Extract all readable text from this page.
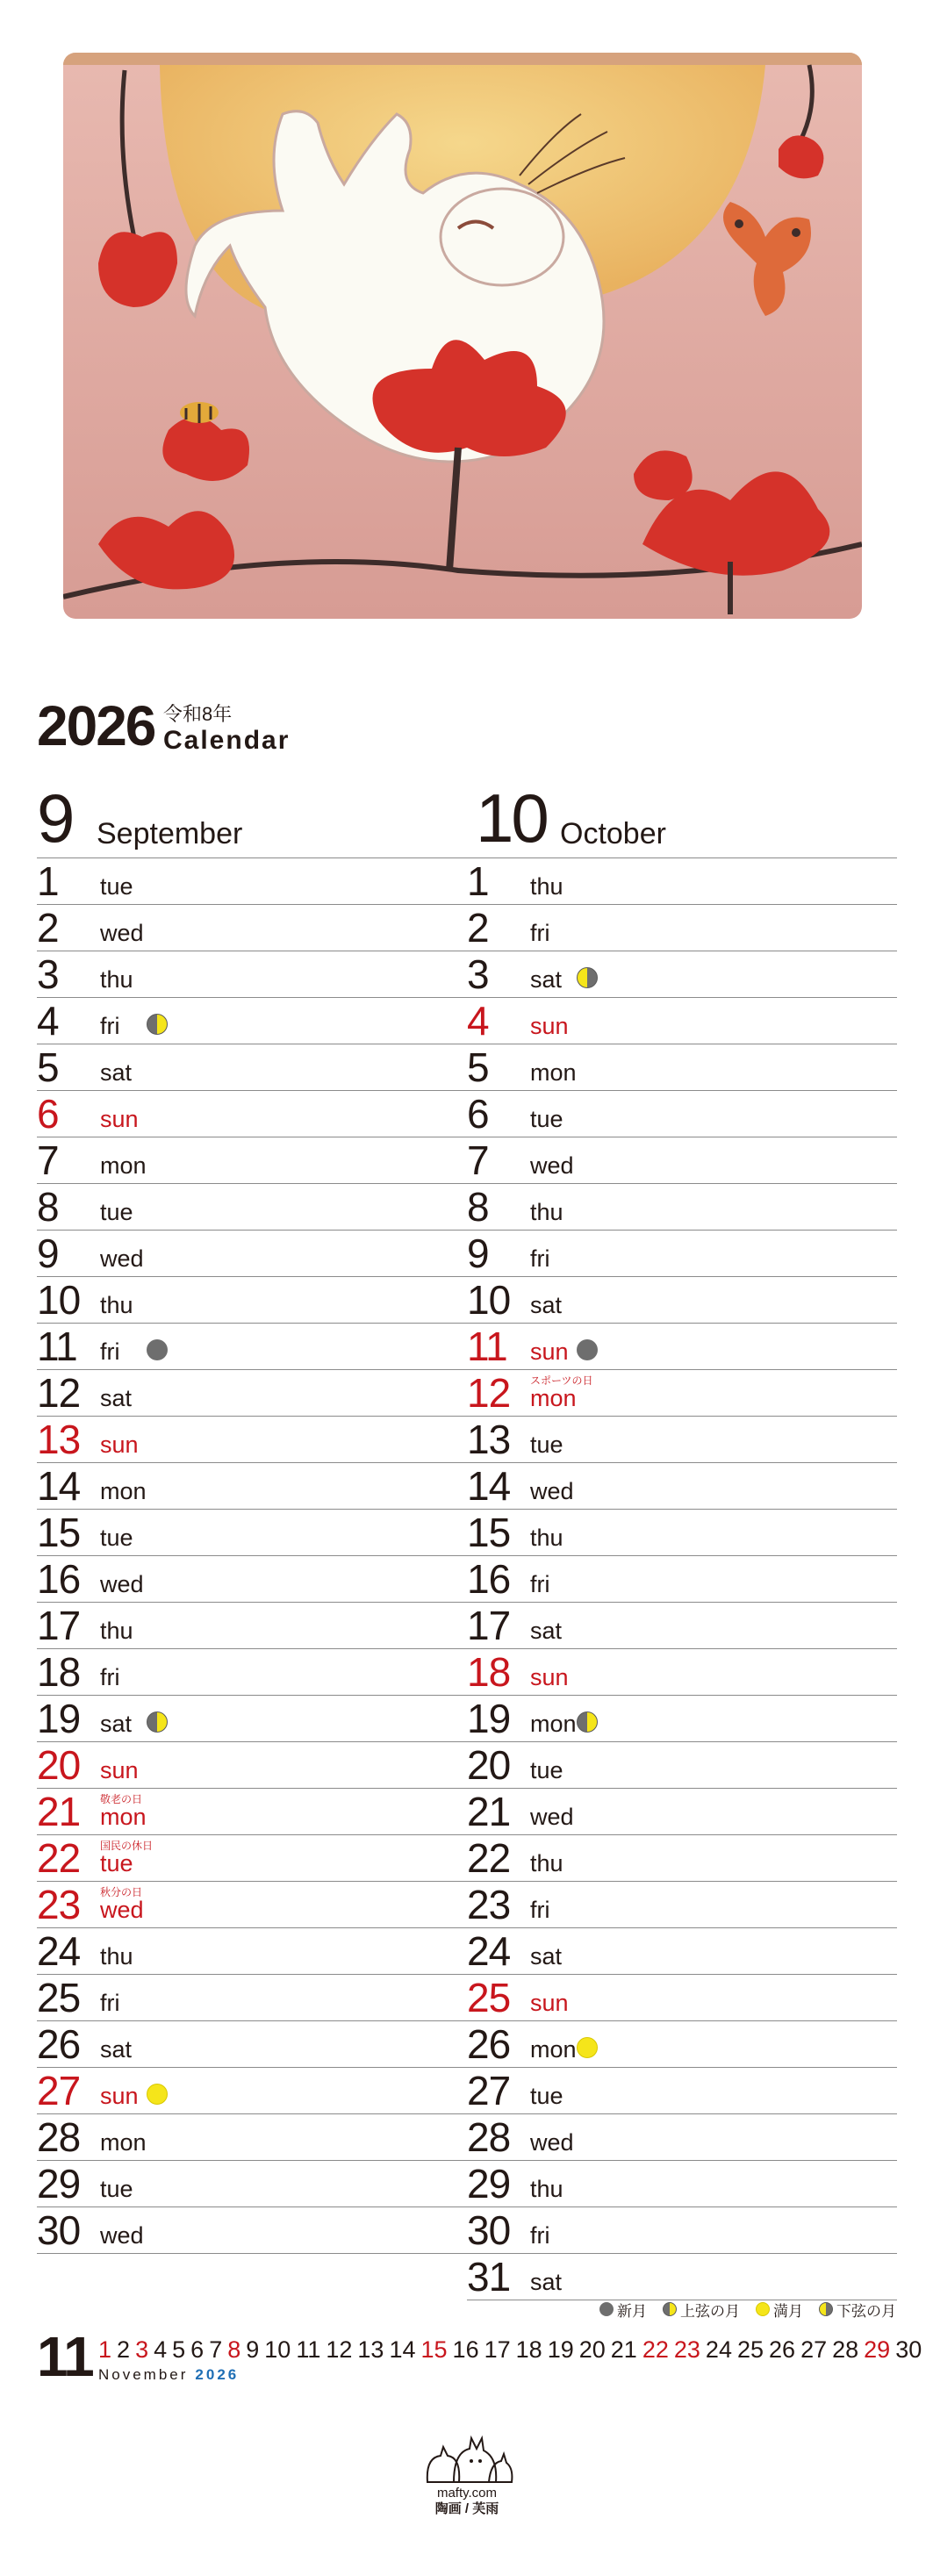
2026 令和8年
Calendar
9 September	10 October
1	tue
2	wed
3	thu
4	fri
5	sat
6	sun
7	mon
8	tue
9	wed
10 thu
11 fri
12 sat
13 sun
14 mon
15 tue
16 wed
17 thu
18 fri
19 sat
20 sun
21 mon
敬老の日
22 tue
国民の休日
23 wed
秋分の日
24 thu
25 fri
26 sat
27 sun
28 mon
29 tue
30 wed
1	thu
2	fri
3	sat
4	sun
5	mon
6	tue
7	wed
8	thu
9	fri
10 sat
11 sun
12 mon
スポーツの日
13 tue
14 wed
15 thu
16 fri
17 sat
18 sun
19 mon
20 tue
21 wed
22 thu
23 fri
24 sat
25 sun
26 mon
27 tue
28 wed
29 thu
30 fri
31 sat
新月 上弦の月 満月 下弦の月
11 1 2 3 4 5 6 7 8 9 10 11 12 13 14 15 16 17 18 19 20 21 22 23 24 25 26 27 28 29 30
November 2026
mafty.com
陶画 / 芙雨
